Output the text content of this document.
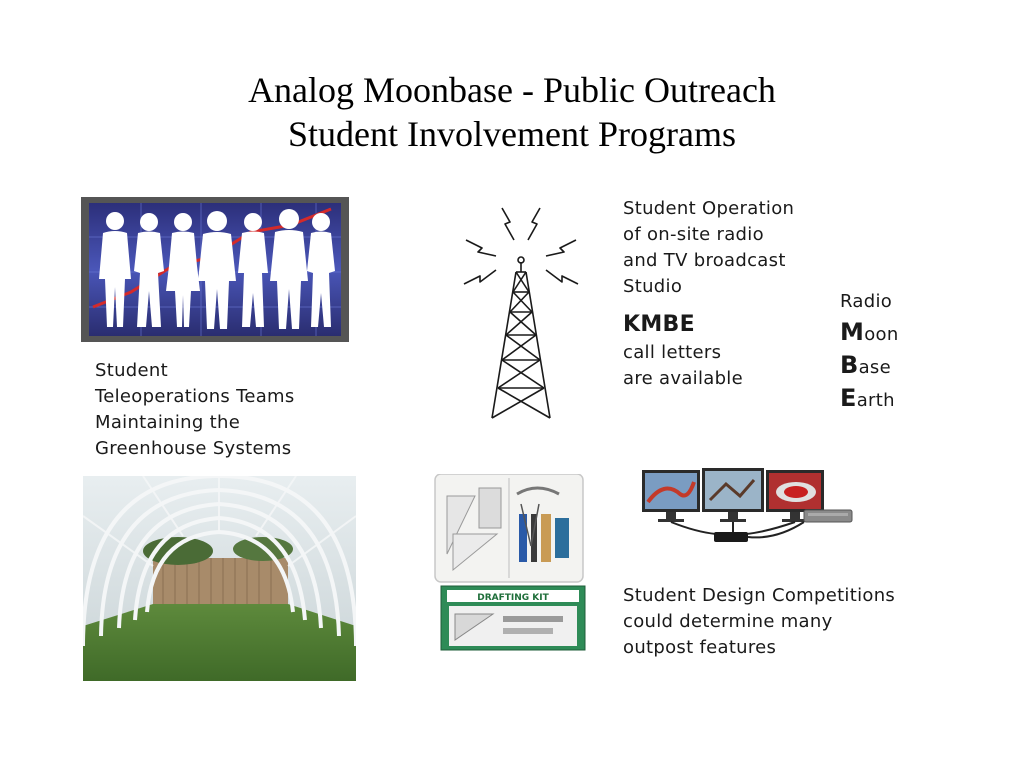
Analog Moonbase - Public Outreach
Student Involvement Programs
Student
Teleoperations Teams
Maintaining the
Greenhouse Systems
Student Operation
of on-site radio
and TV broadcast
Studio
KMBE
call letters
are available
Radio
Moon
Base
Earth
DRAFTING KIT	Student Design Competitions
could determine many
outpost features
